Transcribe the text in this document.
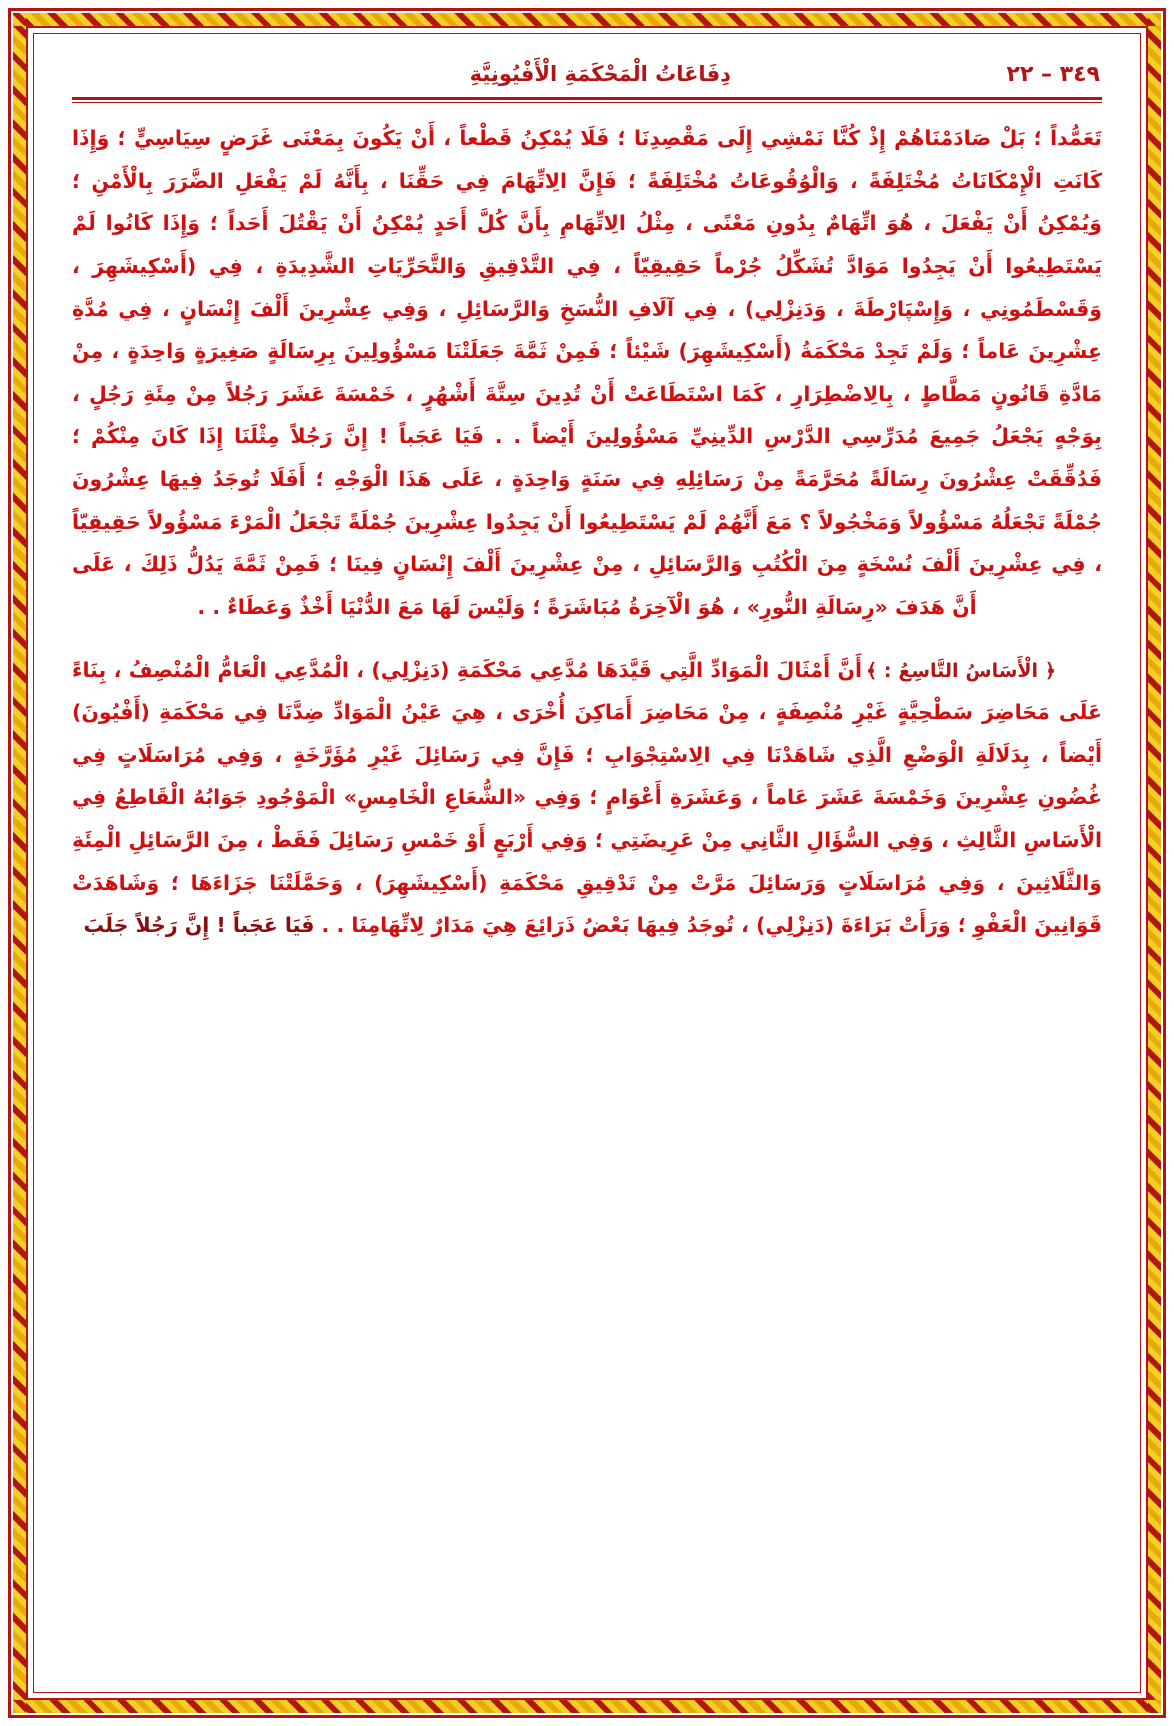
٣٤٩ – ٢٢
دِفَاعَاتُ الْمَحْكَمَةِ الْأَفْيُونِيَّةِ

تَعَمُّداً ؛ بَلْ صَادَمْنَاهُمْ إِذْ كُنَّا نَمْشِي إِلَى مَقْصِدِنَا ؛ فَلَا يُمْكِنُ قَطْعاً ، أَنْ يَكُونَ بِمَعْنَى غَرَضٍ سِيَاسِيٍّ ؛ وَإِذَا كَانَتِ الْإِمْكَانَاتُ مُخْتَلِفَةً ، وَالْوُقُوعَاتُ مُخْتَلِفَةً ؛ فَإِنَّ الِاتِّهَامَ فِي حَقِّنَا ، بِأَنَّهُ لَمْ يَفْعَلِ الضَّرَرَ بِالْأَمْنِ ؛ وَيُمْكِنُ أَنْ يَفْعَلَ ، هُوَ اتِّهَامٌ بِدُونِ مَعْنًى ، مِثْلُ الِاتِّهَامِ بِأَنَّ كُلَّ أَحَدٍ يُمْكِنُ أَنْ يَقْتُلَ أَحَداً ؛ وَإِذَا كَانُوا لَمْ يَسْتَطِيعُوا أَنْ يَجِدُوا مَوَادَّ تُشَكِّلُ جُرْماً حَقِيقِيّاً ، فِي التَّدْقِيقِ وَالتَّحَرِّيَاتِ الشَّدِيدَةِ ، فِي (أَسْكِيشَهِرَ ، وَقَسْطَمُونِي ، وَإِسْپَارْطَةَ ، وَدَنِزْلِي) ، فِي آلَافِ النُّسَخِ وَالرَّسَائِلِ ، وَفِي عِشْرِينَ أَلْفَ إِنْسَانٍ ، فِي مُدَّةِ عِشْرِينَ عَاماً ؛ وَلَمْ تَجِدْ مَحْكَمَةُ (أَسْكِيشَهِرَ) شَيْئاً ؛ فَمِنْ ثَمَّةَ جَعَلَتْنَا مَسْؤُولِينَ بِرِسَالَةٍ صَغِيرَةٍ وَاحِدَةٍ ، مِنْ مَادَّةِ قَانُونٍ مَطَّاطٍ ، بِالِاضْطِرَارِ ، كَمَا اسْتَطَاعَتْ أَنْ تُدِينَ سِتَّةَ أَشْهُرٍ ، خَمْسَةَ عَشَرَ رَجُلاً مِنْ مِئَةِ رَجُلٍ ، بِوَجْهٍ يَجْعَلُ جَمِيعَ مُدَرِّسِي الدَّرْسِ الدِّينِيِّ مَسْؤُولِينَ أَيْضاً . . فَيَا عَجَباً ! إِنَّ رَجُلاً مِثْلَنَا إِذَا كَانَ مِنْكُمْ ؛ فَدُقِّقَتْ عِشْرُونَ رِسَالَةً مُحَرَّمَةً مِنْ رَسَائِلِهِ فِي سَنَةٍ وَاحِدَةٍ ، عَلَى هَذَا الْوَجْهِ ؛ أَفَلَا تُوجَدُ فِيهَا عِشْرُونَ جُمْلَةً تَجْعَلُهُ مَسْؤُولاً وَمَخْجُولاً ؟ مَعَ أَنَّهُمْ لَمْ يَسْتَطِيعُوا أَنْ يَجِدُوا عِشْرِينَ جُمْلَةً تَجْعَلُ الْمَرْءَ مَسْؤُولاً حَقِيقِيّاً ، فِي عِشْرِينَ أَلْفَ نُسْخَةٍ مِنَ الْكُتُبِ وَالرَّسَائِلِ ، مِنْ عِشْرِينَ أَلْفَ إِنْسَانٍ فِينَا ؛ فَمِنْ ثَمَّةَ يَدُلُّ ذَلِكَ ، عَلَى أَنَّ هَدَفَ «رِسَالَةِ النُّورِ» ، هُوَ الْآخِرَةُ مُبَاشَرَةً ؛ وَلَيْسَ لَهَا مَعَ الدُّنْيَا أَخْذٌ وَعَطَاءٌ . .

﴿ الْأَسَاسُ التَّاسِعُ : ﴾أَنَّ أَمْثَالَ الْمَوَادِّ الَّتِي قَيَّدَهَا مُدَّعِي مَحْكَمَةِ (دَنِزْلِي) ، الْمُدَّعِي الْعَامُّ الْمُنْصِفُ ، بِنَاءً عَلَى مَحَاضِرَ سَطْحِيَّةٍ غَيْرِ مُنْصِفَةٍ ، مِنْ مَحَاضِرَ أَمَاكِنَ أُخْرَى ، هِيَ عَيْنُ الْمَوَادِّ ضِدَّنَا فِي مَحْكَمَةِ (أَفْيُونَ) أَيْضاً ، بِدَلَالَةِ الْوَضْعِ الَّذِي شَاهَدْنَا فِي الِاسْتِجْوَابِ ؛ فَإِنَّ فِي رَسَائِلَ غَيْرِ مُؤَرَّخَةٍ ، وَفِي مُرَاسَلَاتٍ فِي غُضُونِ عِشْرِينَ وَخَمْسَةَ عَشَرَ عَاماً ، وَعَشَرَةِ أَعْوَامٍ ؛ وَفِي «الشُّعَاعِ الْخَامِسِ» الْمَوْجُودِ جَوَابُهُ الْقَاطِعُ فِي الْأَسَاسِ الثَّالِثِ ، وَفِي السُّؤَالِ الثَّانِي مِنْ عَرِيضَتِي ؛ وَفِي أَرْبَعٍ أَوْ خَمْسِ رَسَائِلَ فَقَطْ ، مِنَ الرَّسَائِلِ الْمِئَةِ وَالثَّلَاثِينَ ، وَفِي مُرَاسَلَاتٍ وَرَسَائِلَ مَرَّتْ مِنْ تَدْقِيقِ مَحْكَمَةِ (أَسْكِيشَهِرَ) ، وَحَمَّلَتْنَا جَزَاءَهَا ؛ وَشَاهَدَتْ قَوَانِينَ الْعَفْوِ ؛ وَرَأَتْ بَرَاءَةَ (دَنِزْلِي) ، تُوجَدُ فِيهَا بَعْضُ ذَرَائِعَ هِيَ مَدَارٌ لِاتِّهَامِنَا . . فَيَا عَجَباً ! إِنَّ رَجُلاً جَلَبَ
